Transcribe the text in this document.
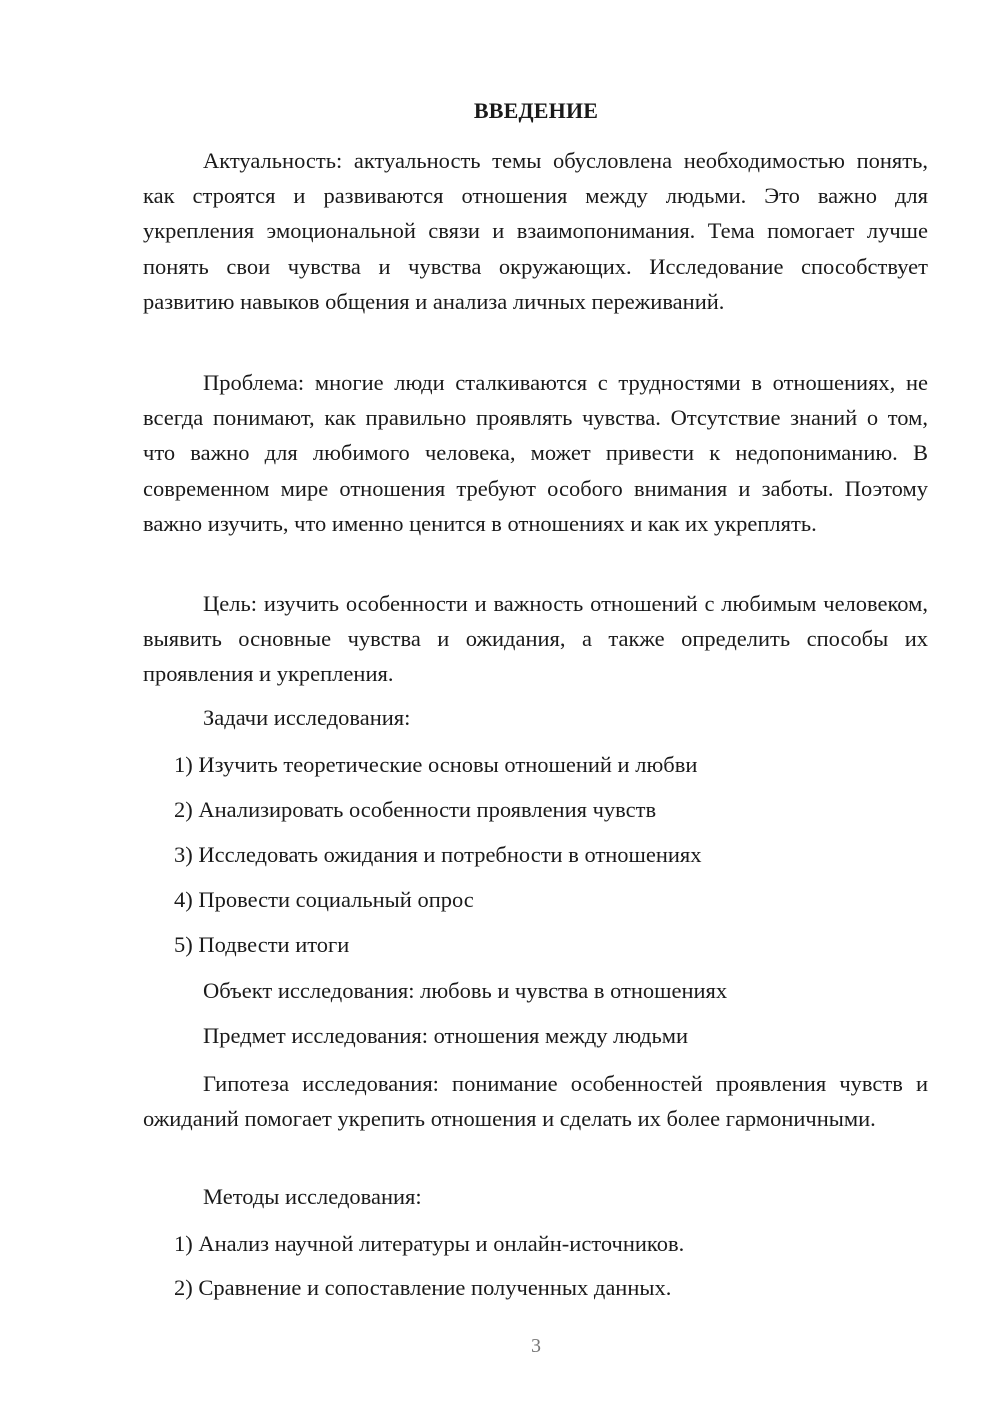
ВВЕДЕНИЕ

Актуальность: актуальность темы обусловлена необходимостью понять, как строятся и развиваются отношения между людьми. Это важно для укрепления эмоциональной связи и взаимопонимания. Тема помогает лучше понять свои чувства и чувства окружающих. Исследование способствует развитию навыков общения и анализа личных переживаний.

Проблема: многие люди сталкиваются с трудностями в отношениях, не всегда понимают, как правильно проявлять чувства. Отсутствие знаний о том, что важно для любимого человека, может привести к недопониманию. В современном мире отношения требуют особого внимания и заботы. Поэтому важно изучить, что именно ценится в отношениях и как их укреплять.

Цель: изучить особенности и важность отношений с любимым человеком, выявить основные чувства и ожидания, а также определить способы их проявления и укрепления.

Задачи исследования:

1) Изучить теоретические основы отношений и любви

2) Анализировать особенности проявления чувств

3) Исследовать ожидания и потребности в отношениях

4) Провести социальный опрос

5) Подвести итоги

Объект исследования: любовь и чувства в отношениях

Предмет исследования: отношения между людьми

Гипотеза исследования: понимание особенностей проявления чувств и ожиданий помогает укрепить отношения и сделать их более гармоничными.

Методы исследования:

1) Анализ научной литературы и онлайн-источников.

2) Сравнение и сопоставление полученных данных.

3
